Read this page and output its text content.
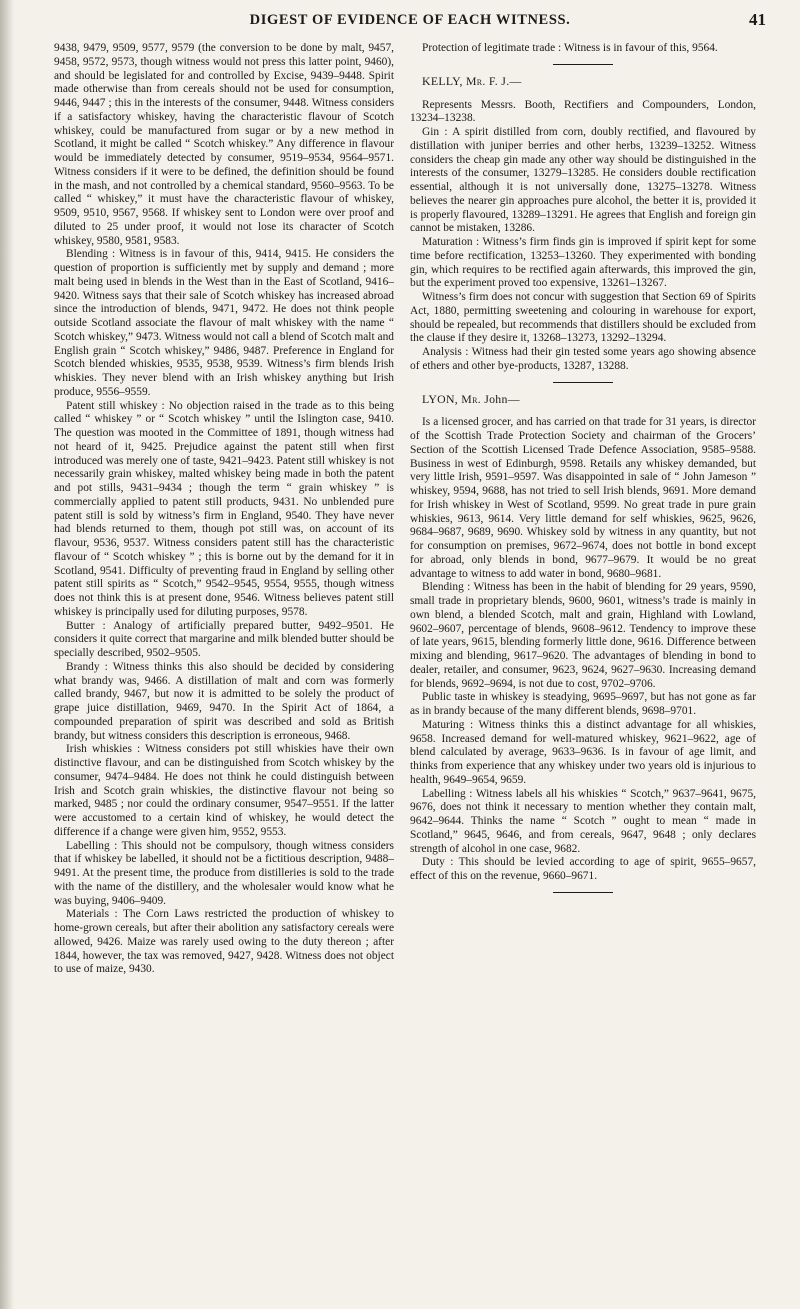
DIGEST OF EVIDENCE OF EACH WITNESS.	41

9438, 9479, 9509, 9577, 9579 (the conversion to be done by malt, 9457, 9458, 9572, 9573, though witness would not press this latter point, 9460), and should be legislated for and controlled by Excise, 9439–9448. Spirit made otherwise than from cereals should not be used for consumption, 9446, 9447 ; this in the interests of the consumer, 9448. Witness considers if a satisfactory whiskey, having the characteristic flavour of Scotch whiskey, could be manufactured from sugar or by a new method in Scotland, it might be called “ Scotch whiskey.” Any difference in flavour would be immediately detected by consumer, 9519–9534, 9564–9571. Witness considers if it were to be defined, the definition should be found in the mash, and not controlled by a chemical standard, 9560–9563. To be called “ whiskey,” it must have the characteristic flavour of whiskey, 9509, 9510, 9567, 9568. If whiskey sent to London were over proof and diluted to 25 under proof, it would not lose its character of Scotch whiskey, 9580, 9581, 9583.

Blending : Witness is in favour of this, 9414, 9415. He considers the question of proportion is sufficiently met by supply and demand ; more malt being used in blends in the West than in the East of Scotland, 9416–9420. Witness says that their sale of Scotch whiskey has increased abroad since the introduction of blends, 9471, 9472. He does not think people outside Scotland associate the flavour of malt whiskey with the name “ Scotch whiskey,” 9473. Witness would not call a blend of Scotch malt and English grain “ Scotch whiskey,” 9486, 9487. Preference in England for Scotch blended whiskies, 9535, 9538, 9539. Witness’s firm blends Irish whiskies. They never blend with an Irish whiskey anything but Irish produce, 9556–9559.

Patent still whiskey : No objection raised in the trade as to this being called “ whiskey ” or “ Scotch whiskey ” until the Islington case, 9410. The question was mooted in the Committee of 1891, though witness had not heard of it, 9425. Prejudice against the patent still when first introduced was merely one of taste, 9421–9423. Patent still whiskey is not necessarily grain whiskey, malted whiskey being made in both the patent and pot stills, 9431–9434 ; though the term “ grain whiskey ” is commercially applied to patent still products, 9431. No unblended pure patent still is sold by witness’s firm in England, 9540. They have never had blends returned to them, though pot still was, on account of its flavour, 9536, 9537. Witness considers patent still has the characteristic flavour of “ Scotch whiskey ” ; this is borne out by the demand for it in Scotland, 9541. Difficulty of preventing fraud in England by selling other patent still spirits as “ Scotch,” 9542–9545, 9554, 9555, though witness does not think this is at present done, 9546. Witness believes patent still whiskey is principally used for diluting purposes, 9578.

Butter : Analogy of artificially prepared butter, 9492–9501. He considers it quite correct that margarine and milk blended butter should be specially described, 9502–9505.

Brandy : Witness thinks this also should be decided by considering what brandy was, 9466. A distillation of malt and corn was formerly called brandy, 9467, but now it is admitted to be solely the product of grape juice distillation, 9469, 9470. In the Spirit Act of 1864, a compounded preparation of spirit was described and sold as British brandy, but witness considers this description is erroneous, 9468.

Irish whiskies : Witness considers pot still whiskies have their own distinctive flavour, and can be distinguished from Scotch whiskey by the consumer, 9474–9484. He does not think he could distinguish between Irish and Scotch grain whiskies, the distinctive flavour not being so marked, 9485 ; nor could the ordinary consumer, 9547–9551. If the latter were accustomed to a certain kind of whiskey, he would detect the difference if a change were given him, 9552, 9553.

Labelling : This should not be compulsory, though witness considers that if whiskey be labelled, it should not be a fictitious description, 9488–9491. At the present time, the produce from distilleries is sold to the trade with the name of the distillery, and the wholesaler would know what he was buying, 9406–9409.

Materials : The Corn Laws restricted the production of whiskey to home-grown cereals, but after their abolition any satisfactory cereals were allowed, 9426. Maize was rarely used owing to the duty thereon ; after 1844, however, the tax was removed, 9427, 9428. Witness does not object to use of maize, 9430.

Protection of legitimate trade : Witness is in favour of this, 9564.

KELLY, Mr. F. J.—

Represents Messrs. Booth, Rectifiers and Compounders, London, 13234–13238.

Gin : A spirit distilled from corn, doubly rectified, and flavoured by distillation with juniper berries and other herbs, 13239–13252. Witness considers the cheap gin made any other way should be distinguished in the interests of the consumer, 13279–13285. He considers double rectification essential, although it is not universally done, 13275–13278. Witness believes the nearer gin approaches pure alcohol, the better it is, provided it is properly flavoured, 13289–13291. He agrees that English and foreign gin cannot be mistaken, 13286.

Maturation : Witness’s firm finds gin is improved if spirit kept for some time before rectification, 13253–13260. They experimented with bonding gin, which requires to be rectified again afterwards, this improved the gin, but the experiment proved too expensive, 13261–13267.

Witness’s firm does not concur with suggestion that Section 69 of Spirits Act, 1880, permitting sweetening and colouring in warehouse for export, should be repealed, but recommends that distillers should be excluded from the clause if they desire it, 13268–13273, 13292–13294.

Analysis : Witness had their gin tested some years ago showing absence of ethers and other bye-products, 13287, 13288.

LYON, Mr. John—

Is a licensed grocer, and has carried on that trade for 31 years, is director of the Scottish Trade Protection Society and chairman of the Grocers’ Section of the Scottish Licensed Trade Defence Association, 9585–9588. Business in west of Edinburgh, 9598. Retails any whiskey demanded, but very little Irish, 9591–9597. Was disappointed in sale of “ John Jameson ” whiskey, 9594, 9688, has not tried to sell Irish blends, 9691. More demand for Irish whiskey in West of Scotland, 9599. No great trade in pure grain whiskies, 9613, 9614. Very little demand for self whiskies, 9625, 9626, 9684–9687, 9689, 9690. Whiskey sold by witness in any quantity, but not for consumption on premises, 9672–9674, does not bottle in bond except for abroad, only blends in bond, 9677–9679. It would be no great advantage to witness to add water in bond, 9680–9681.

Blending : Witness has been in the habit of blending for 29 years, 9590, small trade in proprietary blends, 9600, 9601, witness’s trade is mainly in own blend, a blended Scotch, malt and grain, Highland with Lowland, 9602–9607, percentage of blends, 9608–9612. Tendency to improve these of late years, 9615, blending formerly little done, 9616. Difference between mixing and blending, 9617–9620. The advantages of blending in bond to dealer, retailer, and consumer, 9623, 9624, 9627–9630. Increasing demand for blends, 9692–9694, is not due to cost, 9702–9706.

Public taste in whiskey is steadying, 9695–9697, but has not gone as far as in brandy because of the many different blends, 9698–9701.

Maturing : Witness thinks this a distinct advantage for all whiskies, 9658. Increased demand for well-matured whiskey, 9621–9622, age of blend calculated by average, 9633–9636. Is in favour of age limit, and thinks from experience that any whiskey under two years old is injurious to health, 9649–9654, 9659.

Labelling : Witness labels all his whiskies “ Scotch,” 9637–9641, 9675, 9676, does not think it necessary to mention whether they contain malt, 9642–9644. Thinks the name “ Scotch ” ought to mean “ made in Scotland,” 9645, 9646, and from cereals, 9647, 9648 ; only declares strength of alcohol in one case, 9682.

Duty : This should be levied according to age of spirit, 9655–9657, effect of this on the revenue, 9660–9671.
